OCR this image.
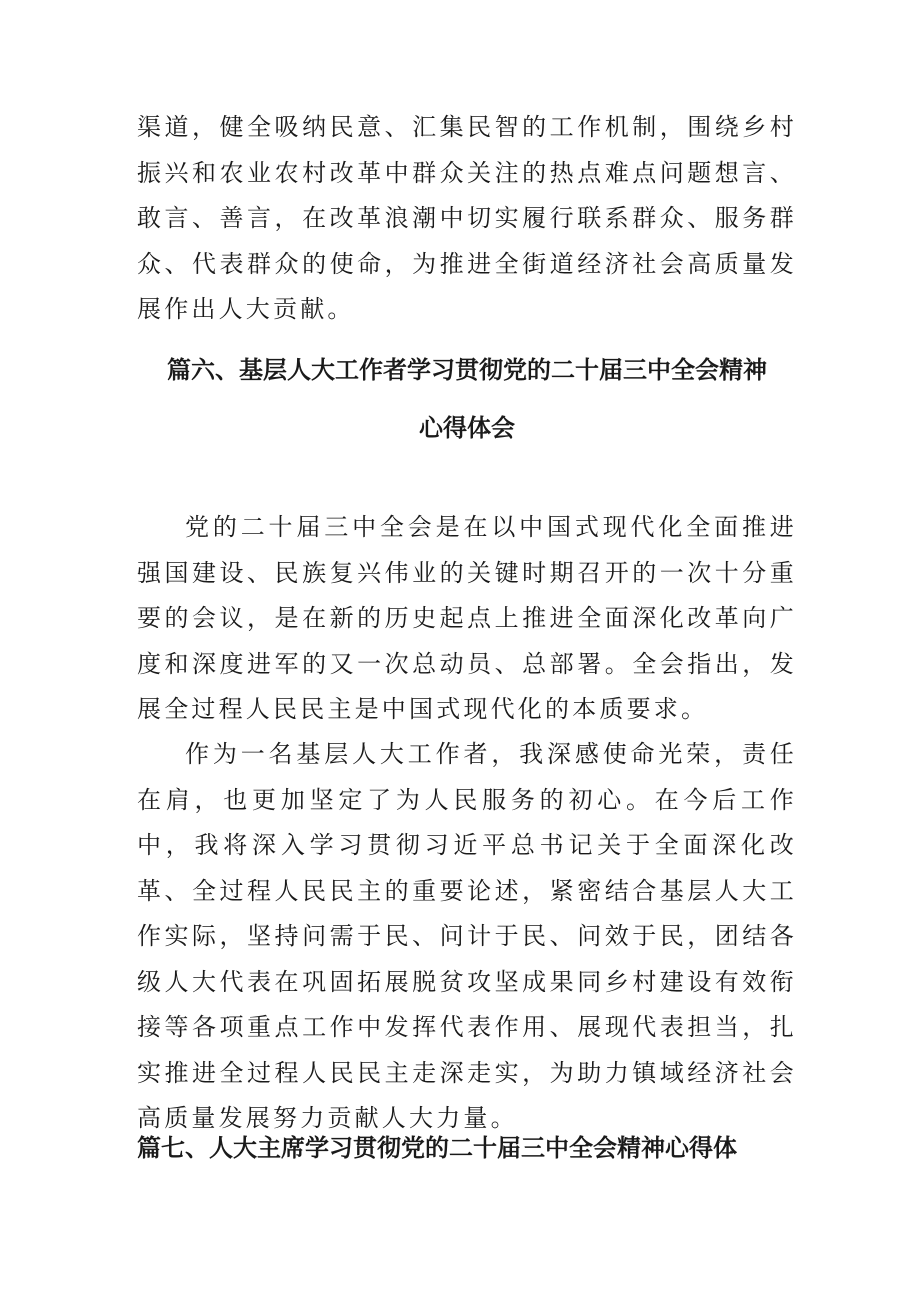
渠道，健全吸纳民意、汇集民智的工作机制，围绕乡村振兴和农业农村改革中群众关注的热点难点问题想言、敢言、善言，在改革浪潮中切实履行联系群众、服务群众、代表群众的使命，为推进全街道经济社会高质量发展作出人大贡献。

篇六、基层人大工作者学习贯彻党的二十届三中全会精神
心得体会

党的二十届三中全会是在以中国式现代化全面推进强国建设、民族复兴伟业的关键时期召开的一次十分重要的会议，是在新的历史起点上推进全面深化改革向广度和深度进军的又一次总动员、总部署。全会指出，发展全过程人民民主是中国式现代化的本质要求。

作为一名基层人大工作者，我深感使命光荣，责任在肩，也更加坚定了为人民服务的初心。在今后工作中，我将深入学习贯彻习近平总书记关于全面深化改革、全过程人民民主的重要论述，紧密结合基层人大工作实际，坚持问需于民、问计于民、问效于民，团结各级人大代表在巩固拓展脱贫攻坚成果同乡村建设有效衔接等各项重点工作中发挥代表作用、展现代表担当，扎实推进全过程人民民主走深走实，为助力镇域经济社会高质量发展努力贡献人大力量。

篇七、人大主席学习贯彻党的二十届三中全会精神心得体
